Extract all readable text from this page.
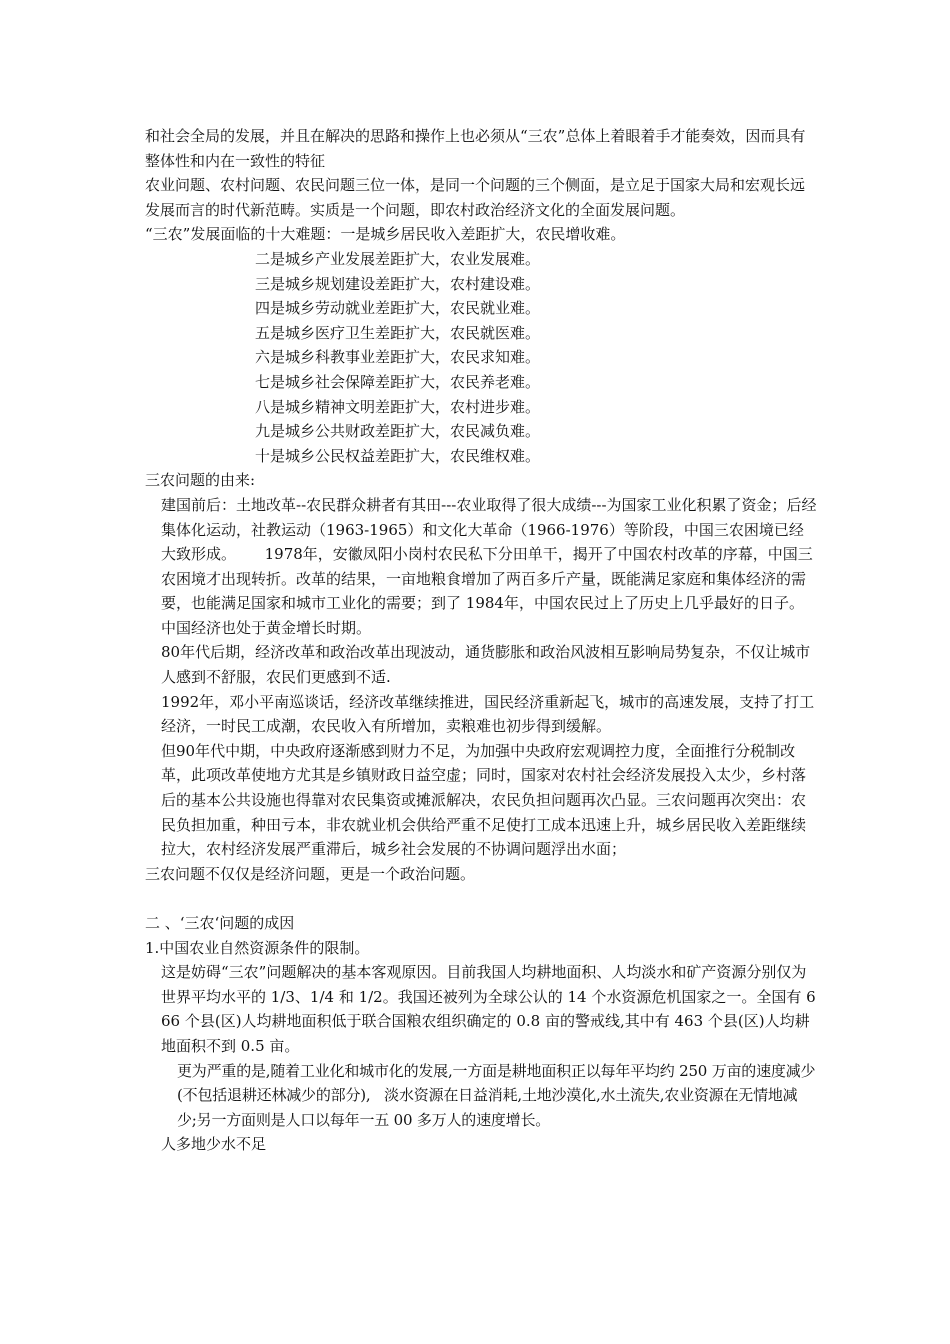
和社会全局的发展，并且在解决的思路和操作上也必须从“三农”总体上着眼着手才能奏效，因而具有整体性和内在一致性的特征

农业问题、农村问题、农民问题三位一体，是同一个问题的三个侧面，是立足于国家大局和宏观长远发展而言的时代新范畴。实质是一个问题，即农村政治经济文化的全面发展问题。

“三农”发展面临的十大难题：一是城乡居民收入差距扩大，农民增收难。

二是城乡产业发展差距扩大，农业发展难。

三是城乡规划建设差距扩大，农村建设难。

四是城乡劳动就业差距扩大，农民就业难。

五是城乡医疗卫生差距扩大，农民就医难。

六是城乡科教事业差距扩大，农民求知难。

七是城乡社会保障差距扩大，农民养老难。

八是城乡精神文明差距扩大，农村进步难。

九是城乡公共财政差距扩大，农民减负难。

十是城乡公民权益差距扩大，农民维权难。

三农问题的由来:

建国前后：土地改革--农民群众耕者有其田---农业取得了很大成绩---为国家工业化积累了资金；后经  集体化运动，社教运动（1963-1965）和文化大革命（1966-1976）等阶段，中国三农困境已经大致形成。      1978年，安徽凤阳小岗村农民私下分田单干，揭开了中国农村改革的序幕，中国三农困境才出现转折。改革的结果，一亩地粮食增加了两百多斤产量，既能满足家庭和集体经济的需要，也能满足国家和城市工业化的需要；到了 1984年，中国农民过上了历史上几乎最好的日子。中国经济也处于黄金增长时期。

80年代后期，经济改革和政治改革出现波动，通货膨胀和政治风波相互影响局势复杂，不仅让城市人感到不舒服，农民们更感到不适.

1992年，邓小平南巡谈话，经济改革继续推进，国民经济重新起飞，城市的高速发展，支持了打工经济，一时民工成潮，农民收入有所增加，卖粮难也初步得到缓解。

但90年代中期，中央政府逐渐感到财力不足，为加强中央政府宏观调控力度，全面推行分税制改革，此项改革使地方尤其是乡镇财政日益空虚；同时，国家对农村社会经济发展投入太少，乡村落后的基本公共设施也得靠对农民集资或摊派解决，农民负担问题再次凸显。三农问题再次突出：农民负担加重，种田亏本，非农就业机会供给严重不足使打工成本迅速上升，城乡居民收入差距继续拉大，农村经济发展严重滞后，城乡社会发展的不协调问题浮出水面；

三农问题不仅仅是经济问题，更是一个政治问题。

二 、‘三农‘问题的成因

1.中国农业自然资源条件的限制。

这是妨碍“三农”问题解决的基本客观原因。目前我国人均耕地面积、人均淡水和矿产资源分别仅为世界平均水平的 1/3、1/4 和 1/2。我国还被列为全球公认的 14 个水资源危机国家之一。全国有 666 个县(区)人均耕地面积低于联合国粮农组织确定的 0.8 亩的警戒线,其中有 463 个县(区)人均耕地面积不到 0.5 亩。

更为严重的是,随着工业化和城市化的发展,一方面是耕地面积正以每年平均约 250 万亩的速度减少(不包括退耕还林减少的部分),   淡水资源在日益消耗,土地沙漠化,水土流失,农业资源在无情地减少;另一方面则是人口以每年一五 00 多万人的速度增长。

人多地少水不足
